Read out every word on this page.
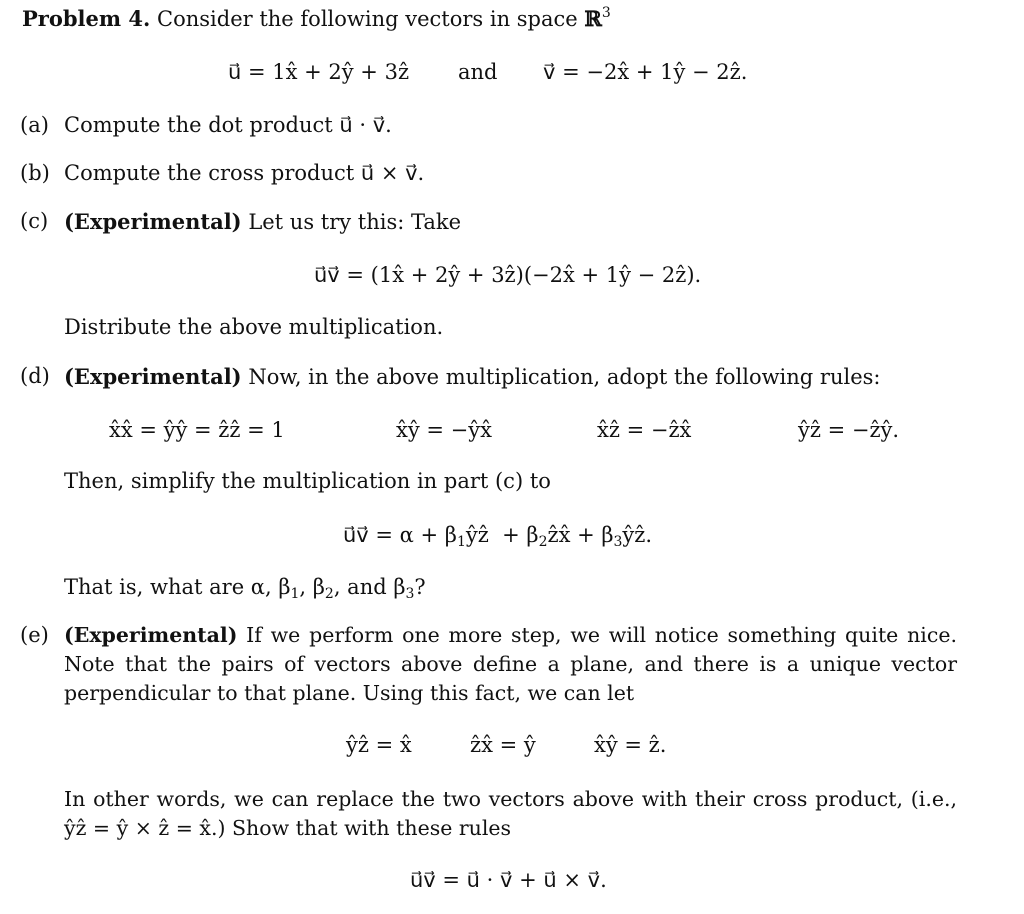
Problem 4. Consider the following vectors in space ℝ$^3$
u⃗ = 1x̂ + 2ŷ + 3ẑ and v⃗ = −2x̂ + 1ŷ − 2ẑ.
(a) Compute the dot product u⃗ · v⃗.
(b) Compute the cross product u⃗ × v⃗.
(c) (Experimental) Let us try this: Take
u⃗v⃗ = (1x̂ + 2ŷ + 3ẑ)(−2x̂ + 1ŷ − 2ẑ).
Distribute the above multiplication.
(d) (Experimental) Now, in the above multiplication, adopt the following rules:
x̂x̂ = ŷŷ = ẑẑ = 1	x̂ŷ = −ŷx̂	x̂ẑ = −ẑx̂	ŷẑ = −ẑŷ.
Then, simplify the multiplication in part (c) to
u⃗v⃗ = $\alpha + \beta_1ŷẑ$  + $\beta_2ẑx̂$ + $\beta_3ŷẑ$.
That is, what are α, $\beta_1$, $\beta_2$, and $\beta_3$?
(e) (Experimental) If we perform one more step, we will notice something quite nice. Note that the pairs of vectors above define a plane, and there is a unique vector perpendicular to that plane. Using this fact, we can let
ŷẑ = x̂	ẑx̂ = ŷ	x̂ŷ = ẑ.
In other words, we can replace the two vectors above with their cross product, (i.e., ŷẑ = ŷ × ẑ = x̂.) Show that with these rules
u⃗v⃗ = u⃗ · v⃗ + u⃗ × v⃗.
